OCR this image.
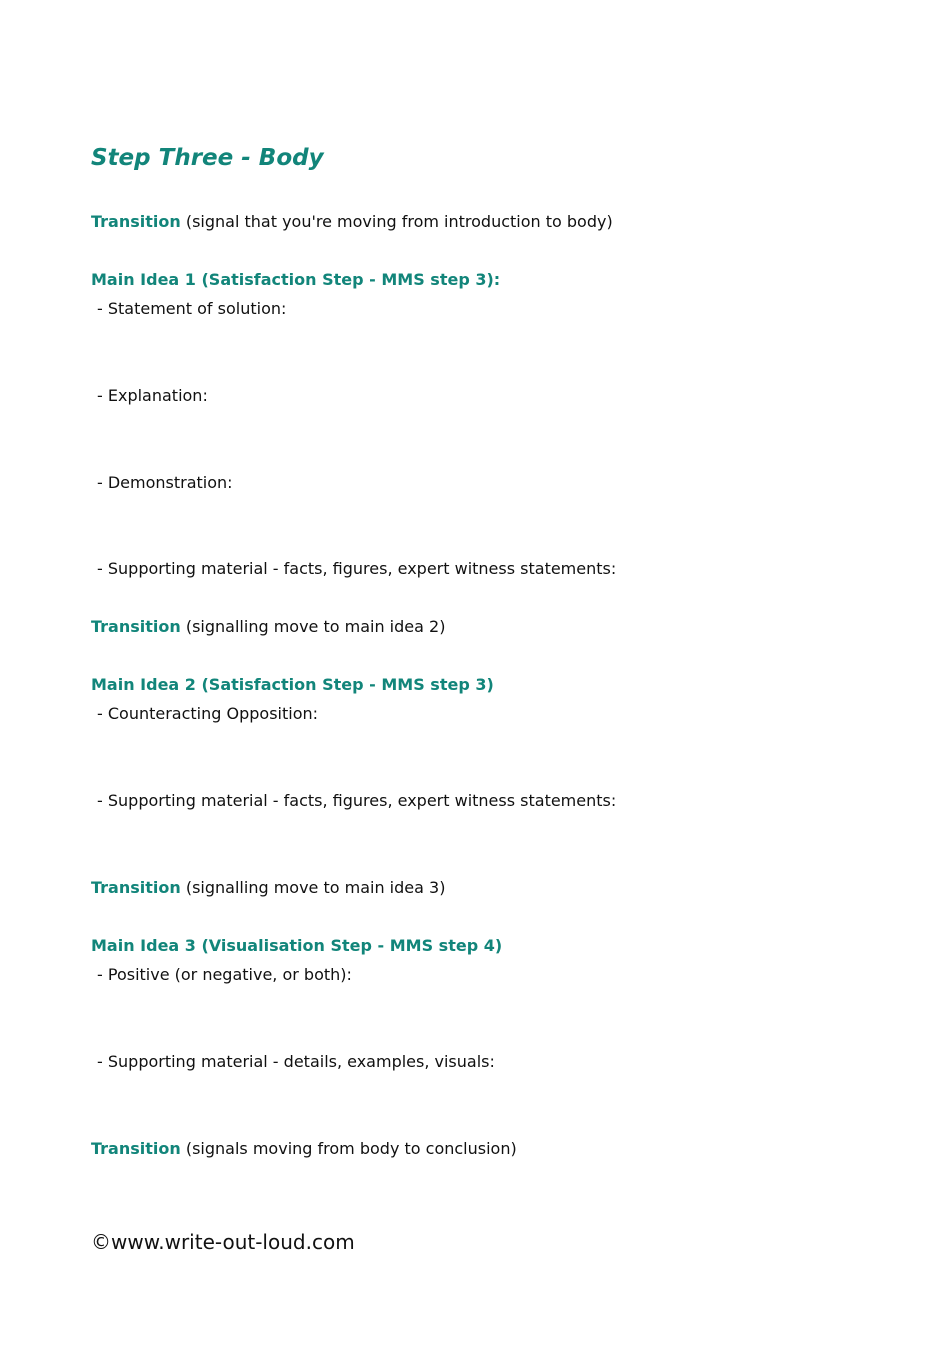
Step Three - Body
Transition (signal that you're moving from introduction to body)
Main Idea 1 (Satisfaction Step - MMS step 3):
- Statement of solution:
- Explanation:
- Demonstration:
- Supporting material - facts, figures, expert witness statements:
Transition (signalling move to main idea 2)
Main Idea 2 (Satisfaction Step - MMS step 3)
- Counteracting Opposition:
- Supporting material - facts, figures, expert witness statements:
Transition (signalling move to main idea 3)
Main Idea 3 (Visualisation Step - MMS step 4)
- Positive (or negative, or both):
- Supporting material - details, examples, visuals:
Transition (signals moving from body to conclusion)
©www.write-out-loud.com
